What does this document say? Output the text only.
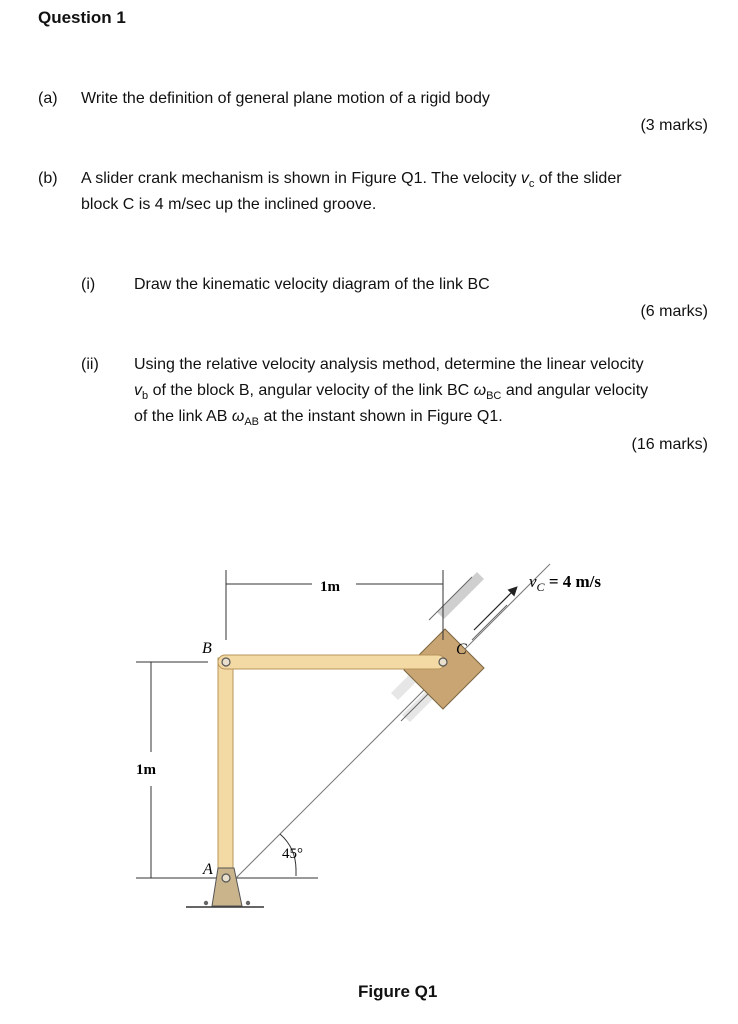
Question 1
(a) Write the definition of general plane motion of a rigid body
(3 marks)
(b) A slider crank mechanism is shown in Figure Q1. The velocity $v_c$ of the slider
block C is 4 m/sec up the inclined groove.
(i) Draw the kinematic velocity diagram of the link BC
(6 marks)
(ii) Using the relative velocity analysis method, determine the linear velocity
$v_b$ of the block B, angular velocity of the link BC $\omega_{BC}$ and angular velocity
of the link AB $\omega_{AB}$ at the instant shown in Figure Q1.
(16 marks)
1m
1m
45°
B
A
C
$v_C = 4$ m/s
Figure Q1
